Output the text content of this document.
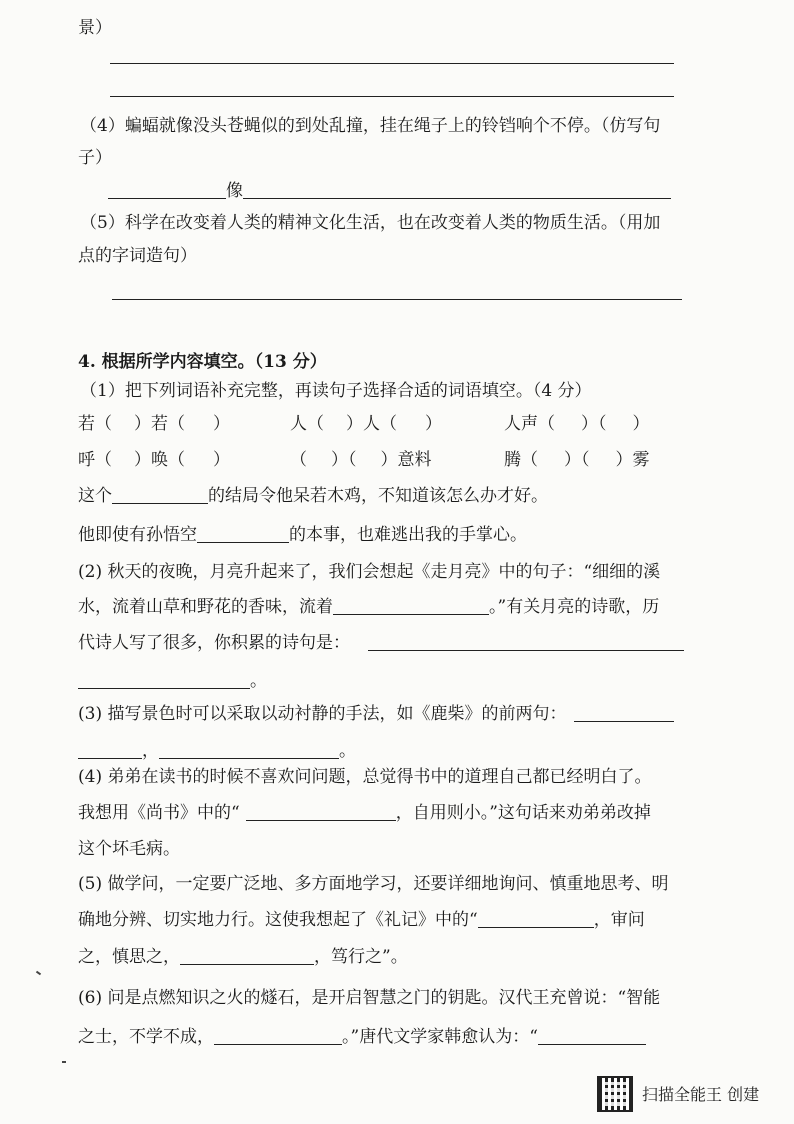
景）
（4）蝙蝠就像没头苍蝇似的到处乱撞，挂在绳子上的铃铛响个不停。（仿写句
子）
像
（5）科学在改变着人类的精神文化生活，也在改变着人类的物质生活。（用加
点的字词造句）
4. 根据所学内容填空。（13 分）
（1）把下列词语补充完整，再读句子选择合适的词语填空。（4 分）
若（ ）若（ ）	人（ ）人（ ）	人声（ ）（ ）
呼（ ）唤（ ）	（ ）（ ）意料	腾（ ）（ ）雾
这个	的结局令他呆若木鸡，不知道该怎么办才好。
他即使有孙悟空	的本事，也难逃出我的手掌心。
(2) 秋天的夜晚，月亮升起来了，我们会想起《走月亮》中的句子：“细细的溪
水，流着山草和野花的香味，流着	。”有关月亮的诗歌，历
代诗人写了很多，你积累的诗句是：
。
(3) 描写景色时可以采取以动衬静的手法，如《鹿柴》的前两句：
，	。
(4) 弟弟在读书的时候不喜欢问问题，总觉得书中的道理自己都已经明白了。
我想用《尚书》中的“	，自用则小。”这句话来劝弟弟改掉
这个坏毛病。
(5) 做学问，一定要广泛地、多方面地学习，还要详细地询问、慎重地思考、明
确地分辨、切实地力行。这使我想起了《礼记》中的“	，审问
之，慎思之，	，笃行之”。
(6) 问是点燃知识之火的燧石，是开启智慧之门的钥匙。汉代王充曾说：“智能
之士，不学不成，	。”唐代文学家韩愈认为：“
扫描全能王 创建
